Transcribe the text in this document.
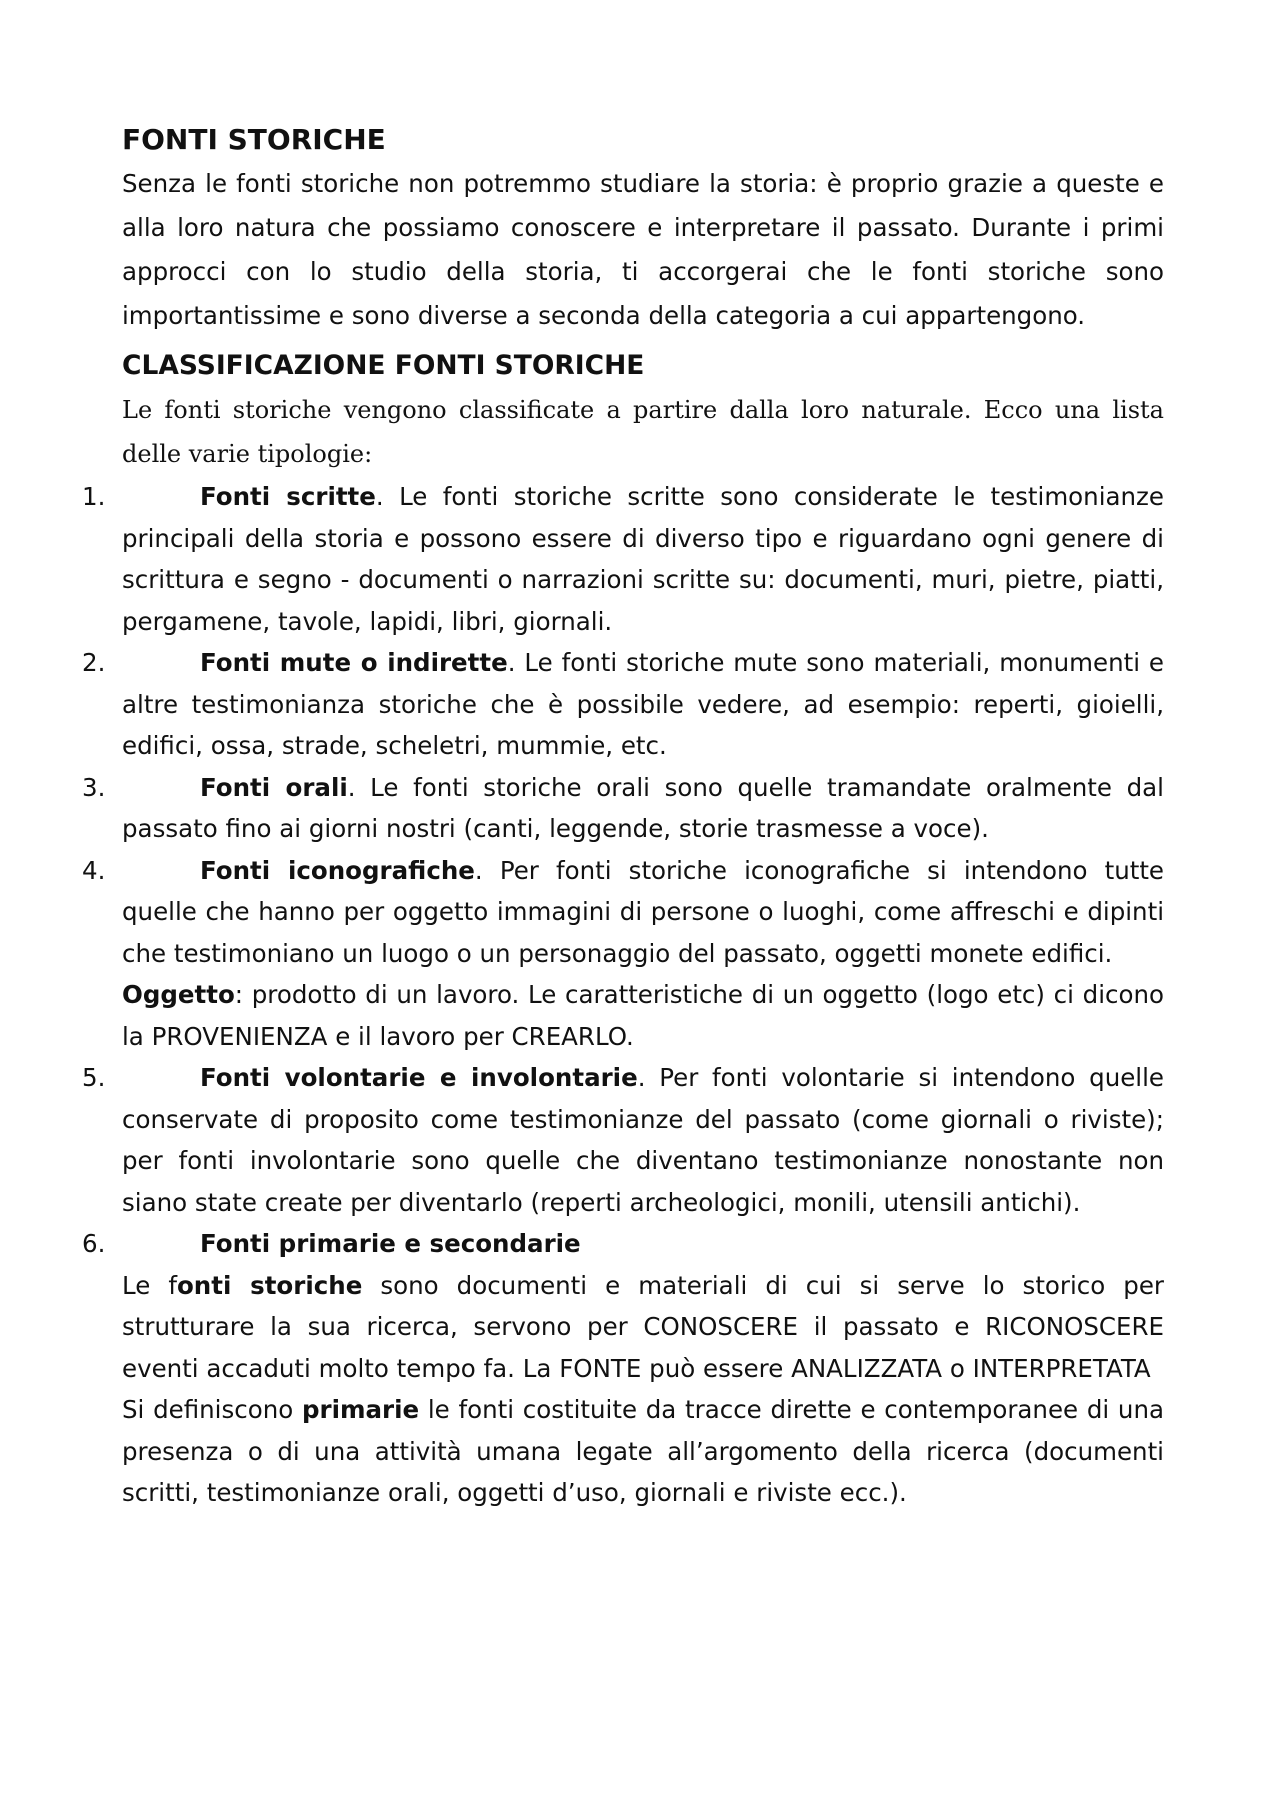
FONTI STORICHE

Senza le fonti storiche non potremmo studiare la storia: è proprio grazie a queste e alla loro natura che possiamo conoscere e interpretare il passato. Durante i primi approcci con lo studio della storia, ti accorgerai che le fonti storiche sono importantissime e sono diverse a seconda della categoria a cui appartengono.

CLASSIFICAZIONE FONTI STORICHE

Le fonti storiche vengono classificate a partire dalla loro naturale. Ecco una lista delle varie tipologie:

1.	Fonti scritte. Le fonti storiche scritte sono considerate le testimonianze principali della storia e possono essere di diverso tipo e riguardano ogni genere di scrittura e segno - documenti o narrazioni scritte su: documenti, muri, pietre, piatti, pergamene, tavole, lapidi, libri, giornali.
2.	Fonti mute o indirette. Le fonti storiche mute sono materiali, monumenti e altre testimonianza storiche che è possibile vedere, ad esempio: reperti, gioielli, edifici, ossa, strade, scheletri, mummie, etc.
3.	Fonti orali. Le fonti storiche orali sono quelle tramandate oralmente dal passato fino ai giorni nostri (canti, leggende, storie trasmesse a voce).
4.	Fonti iconografiche. Per fonti storiche iconografiche si intendono tutte quelle che hanno per oggetto immagini di persone o luoghi, come affreschi e dipinti che testimoniano un luogo o un personaggio del passato, oggetti monete edifici.

Oggetto: prodotto di un lavoro. Le caratteristiche di un oggetto (logo etc) ci dicono la PROVENIENZA e il lavoro per CREARLO.

5.	Fonti volontarie e involontarie. Per fonti volontarie si intendono quelle conservate di proposito come testimonianze del passato (come giornali o riviste); per fonti involontarie sono quelle che diventano testimonianze nonostante non siano state create per diventarlo (reperti archeologici, monili, utensili antichi).
6.	Fonti primarie e secondarie

Le fonti storiche sono documenti e materiali di cui si serve lo storico per strutturare la sua ricerca, servono per CONOSCERE il passato e RICONOSCERE eventi accaduti molto tempo fa. La FONTE può essere ANALIZZATA o INTERPRETATA

Si definiscono primarie le fonti costituite da tracce dirette e contemporanee di una presenza o di una attività umana legate all’argomento della ricerca (documenti scritti, testimonianze orali, oggetti d’uso, giornali e riviste ecc.).
